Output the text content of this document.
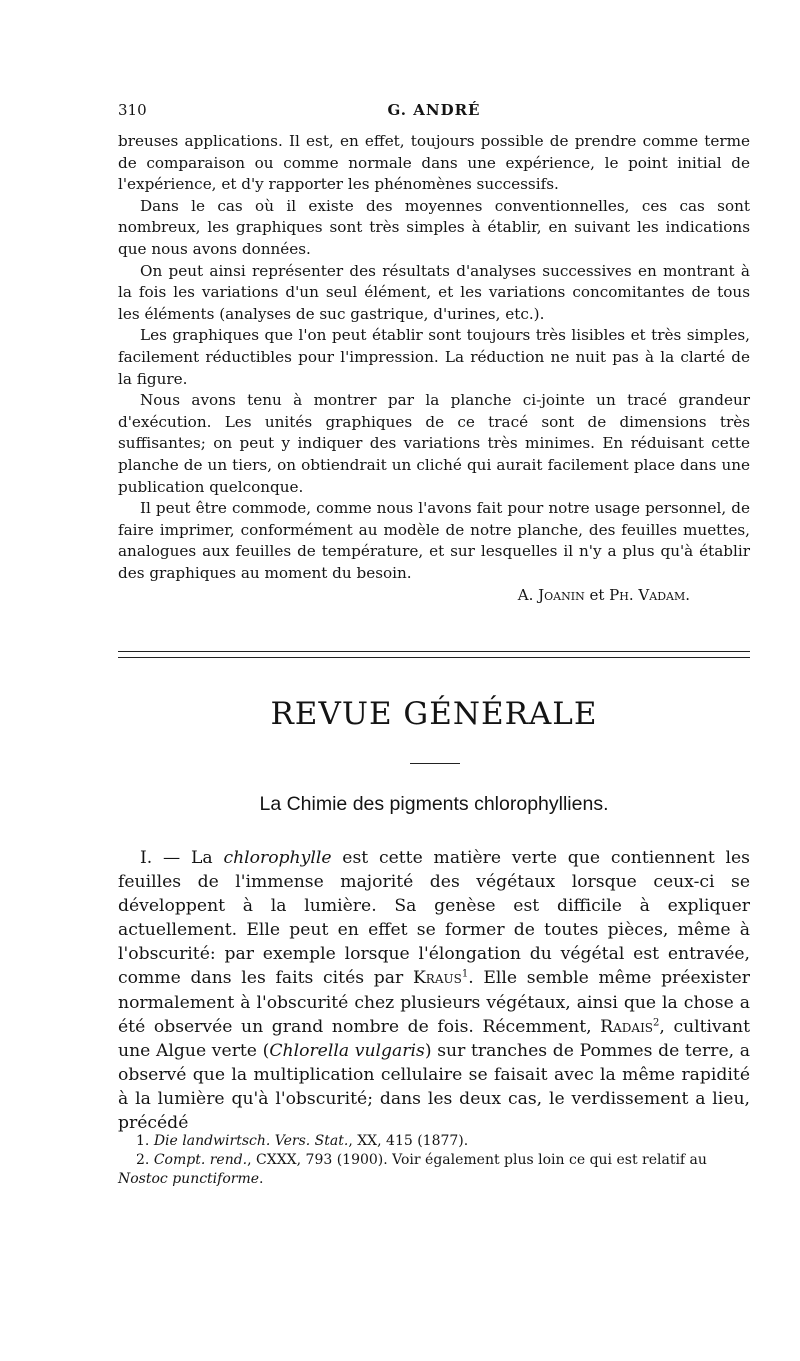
310	G. ANDRÉ

breuses applications. Il est, en effet, toujours possible de prendre comme terme de comparaison ou comme normale dans une expérience, le point initial de l'expérience, et d'y rapporter les phénomènes successifs.

Dans le cas où il existe des moyennes conventionnelles, ces cas sont nombreux, les graphiques sont très simples à établir, en suivant les indications que nous avons données.

On peut ainsi représenter des résultats d'analyses successives en montrant à la fois les variations d'un seul élément, et les variations concomitantes de tous les éléments (analyses de suc gastrique, d'urines, etc.).

Les graphiques que l'on peut établir sont toujours très lisibles et très simples, facilement réductibles pour l'impression. La réduction ne nuit pas à la clarté de la figure.

Nous avons tenu à montrer par la planche ci-jointe un tracé grandeur d'exécution. Les unités graphiques de ce tracé sont de dimensions très suffisantes; on peut y indiquer des variations très minimes. En réduisant cette planche de un tiers, on obtiendrait un cliché qui aurait facilement place dans une publication quelconque.

Il peut être commode, comme nous l'avons fait pour notre usage personnel, de faire imprimer, conformément au modèle de notre planche, des feuilles muettes, analogues aux feuilles de température, et sur lesquelles il n'y a plus qu'à établir des graphiques au moment du besoin.

A. Joanin et Ph. Vadam.
REVUE GÉNÉRALE
La Chimie des pigments chlorophylliens.

I. — La chlorophylle est cette matière verte que contiennent les feuilles de l'immense majorité des végétaux lorsque ceux-ci se développent à la lumière. Sa genèse est difficile à expliquer actuellement. Elle peut en effet se former de toutes pièces, même à l'obscurité: par exemple lorsque l'élongation du végétal est entravée, comme dans les faits cités par Kraus$^1$. Elle semble même préexister normalement à l'obscurité chez plusieurs végétaux, ainsi que la chose a été observée un grand nombre de fois. Récemment, Radais$^2$, cultivant une Algue verte (Chlorella vulgaris) sur tranches de Pommes de terre, a observé que la multiplication cellulaire se faisait avec la même rapidité à la lumière qu'à l'obscurité; dans les deux cas, le verdissement a lieu, précédé

1. Die landwirtsch. Vers. Stat., XX, 415 (1877).

2. Compt. rend., CXXX, 793 (1900). Voir également plus loin ce qui est relatif au Nostoc punctiforme.
